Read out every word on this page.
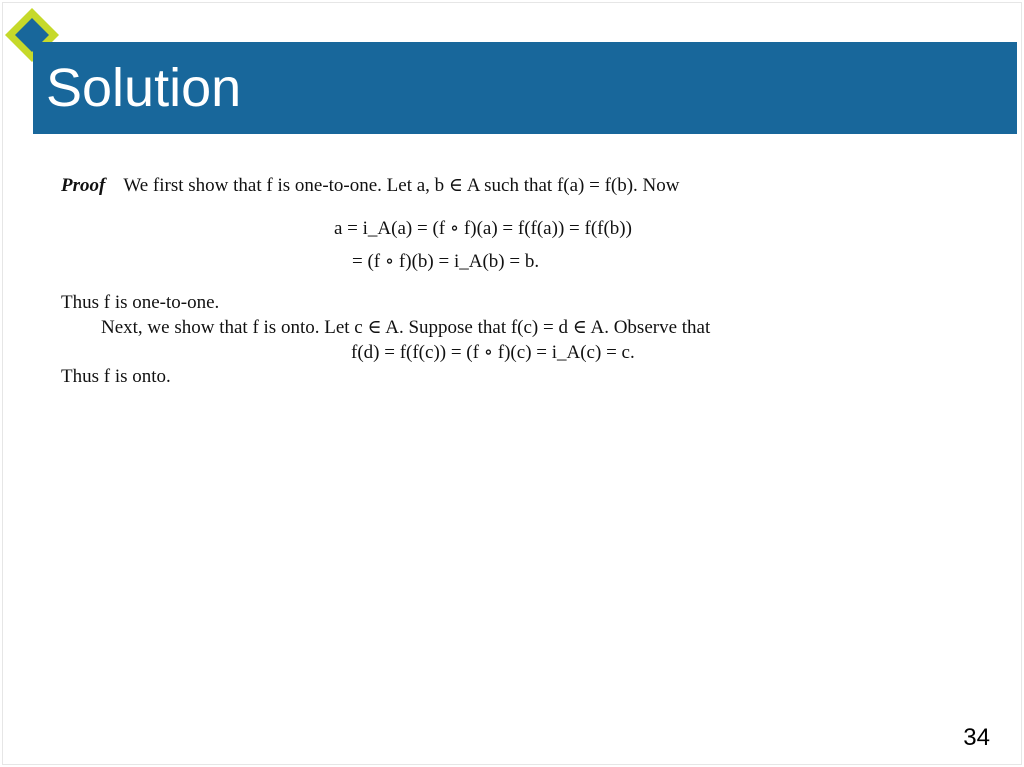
Solution
Proof We first show that f is one-to-one. Let a, b ∈ A such that f(a) = f(b). Now
a = i_A(a) = (f ∘ f)(a) = f(f(a)) = f(f(b))
= (f ∘ f)(b) = i_A(b) = b.
Thus f is one-to-one.
Next, we show that f is onto. Let c ∈ A. Suppose that f(c) = d ∈ A. Observe that
f(d) = f(f(c)) = (f ∘ f)(c) = i_A(c) = c.
Thus f is onto.
34
